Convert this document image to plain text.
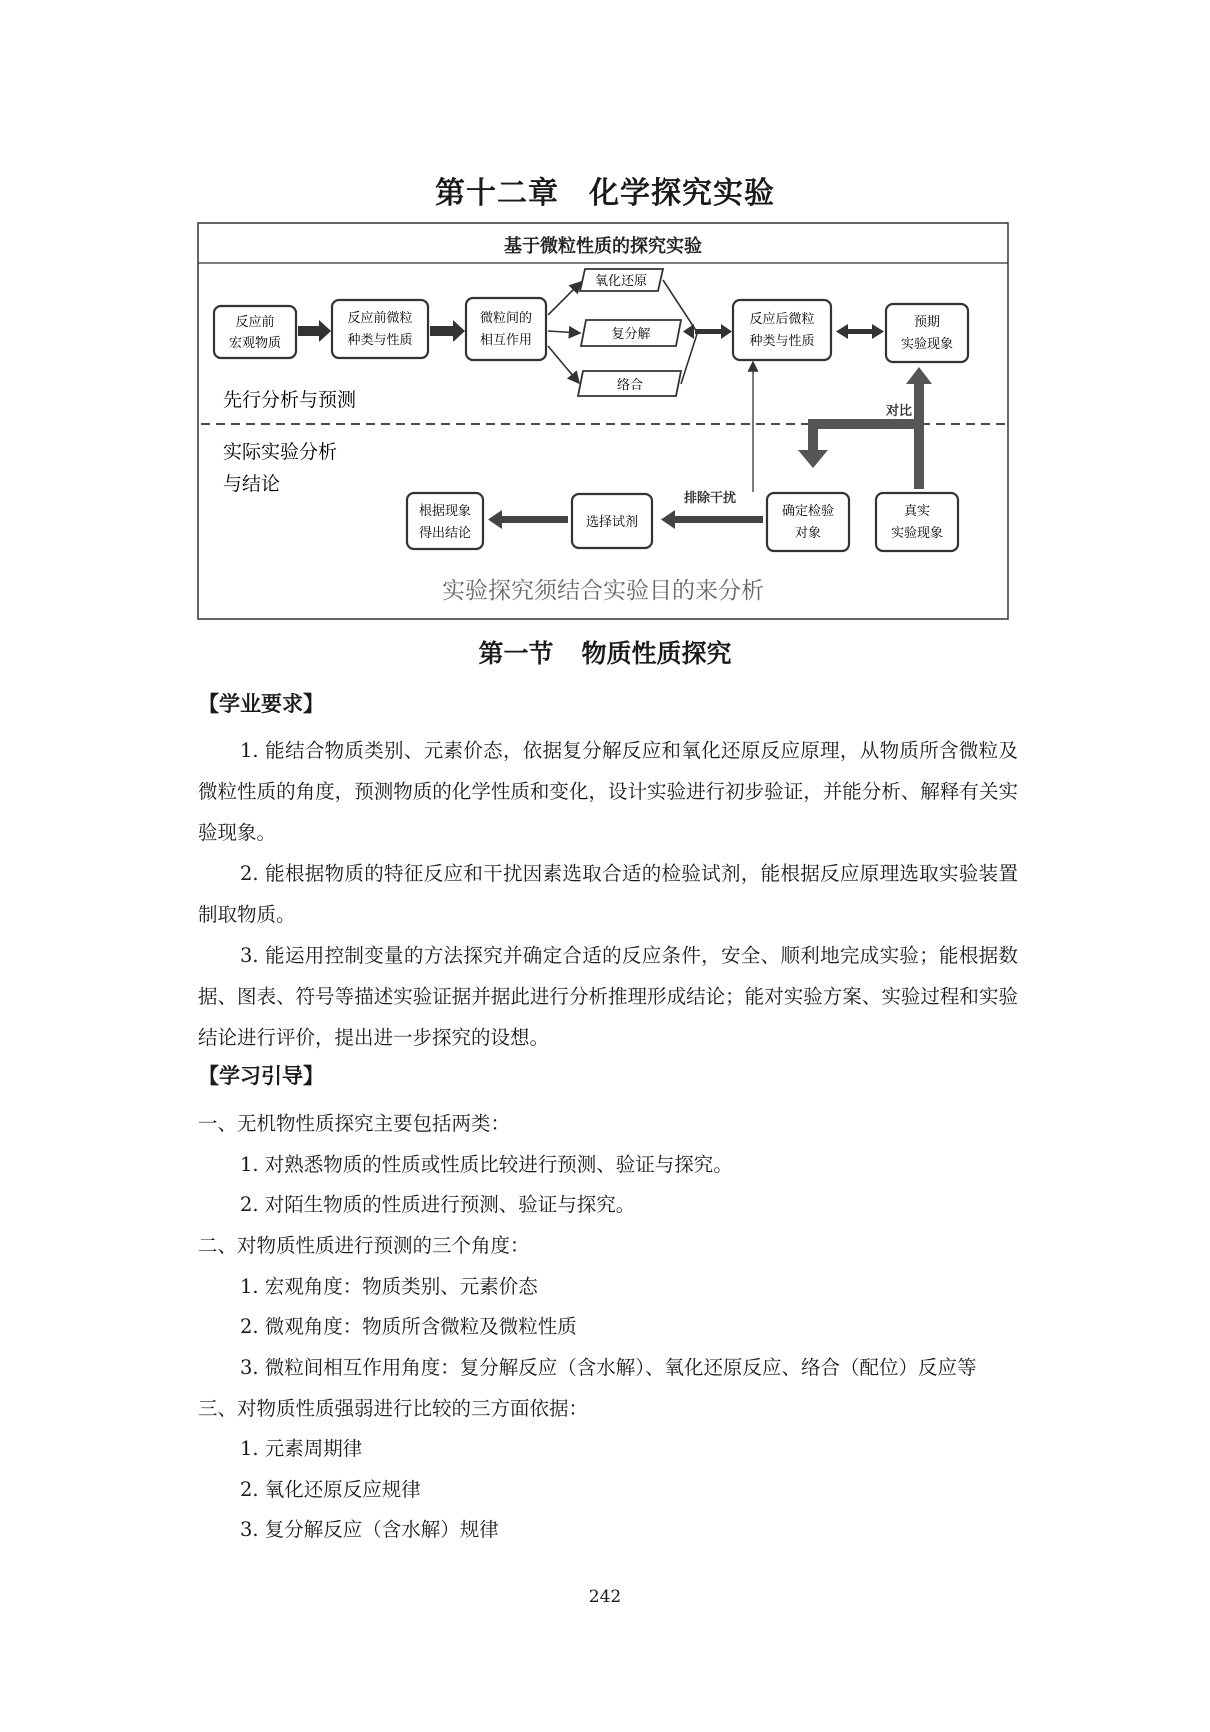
第十二章 化学探究实验
基于微粒性质的探究实验
反应前
宏观物质
反应前微粒
种类与性质
微粒间的
相互作用
氧化还原
复分解
络合
反应后微粒
种类与性质
预期
实验现象
先行分析与预测
实际实验分析
与结论
对比
根据现象
得出结论
选择试剂
确定检验
对象
真实
实验现象
排除干扰
实验探究须结合实验目的来分析
第一节 物质性质探究
【学业要求】

1. 能结合物质类别、元素价态，依据复分解反应和氧化还原反应原理，从物质所含微粒及微粒性质的角度，预测物质的化学性质和变化，设计实验进行初步验证，并能分析、解释有关实验现象。

2. 能根据物质的特征反应和干扰因素选取合适的检验试剂，能根据反应原理选取实验装置制取物质。

3. 能运用控制变量的方法探究并确定合适的反应条件，安全、顺利地完成实验；能根据数据、图表、符号等描述实验证据并据此进行分析推理形成结论；能对实验方案、实验过程和实验结论进行评价，提出进一步探究的设想。

【学习引导】
一、无机物性质探究主要包括两类：
1. 对熟悉物质的性质或性质比较进行预测、验证与探究。
2. 对陌生物质的性质进行预测、验证与探究。
二、对物质性质进行预测的三个角度：
1. 宏观角度：物质类别、元素价态
2. 微观角度：物质所含微粒及微粒性质
3. 微粒间相互作用角度：复分解反应（含水解）、氧化还原反应、络合（配位）反应等
三、对物质性质强弱进行比较的三方面依据：
1. 元素周期律
2. 氧化还原反应规律
3. 复分解反应（含水解）规律
242
